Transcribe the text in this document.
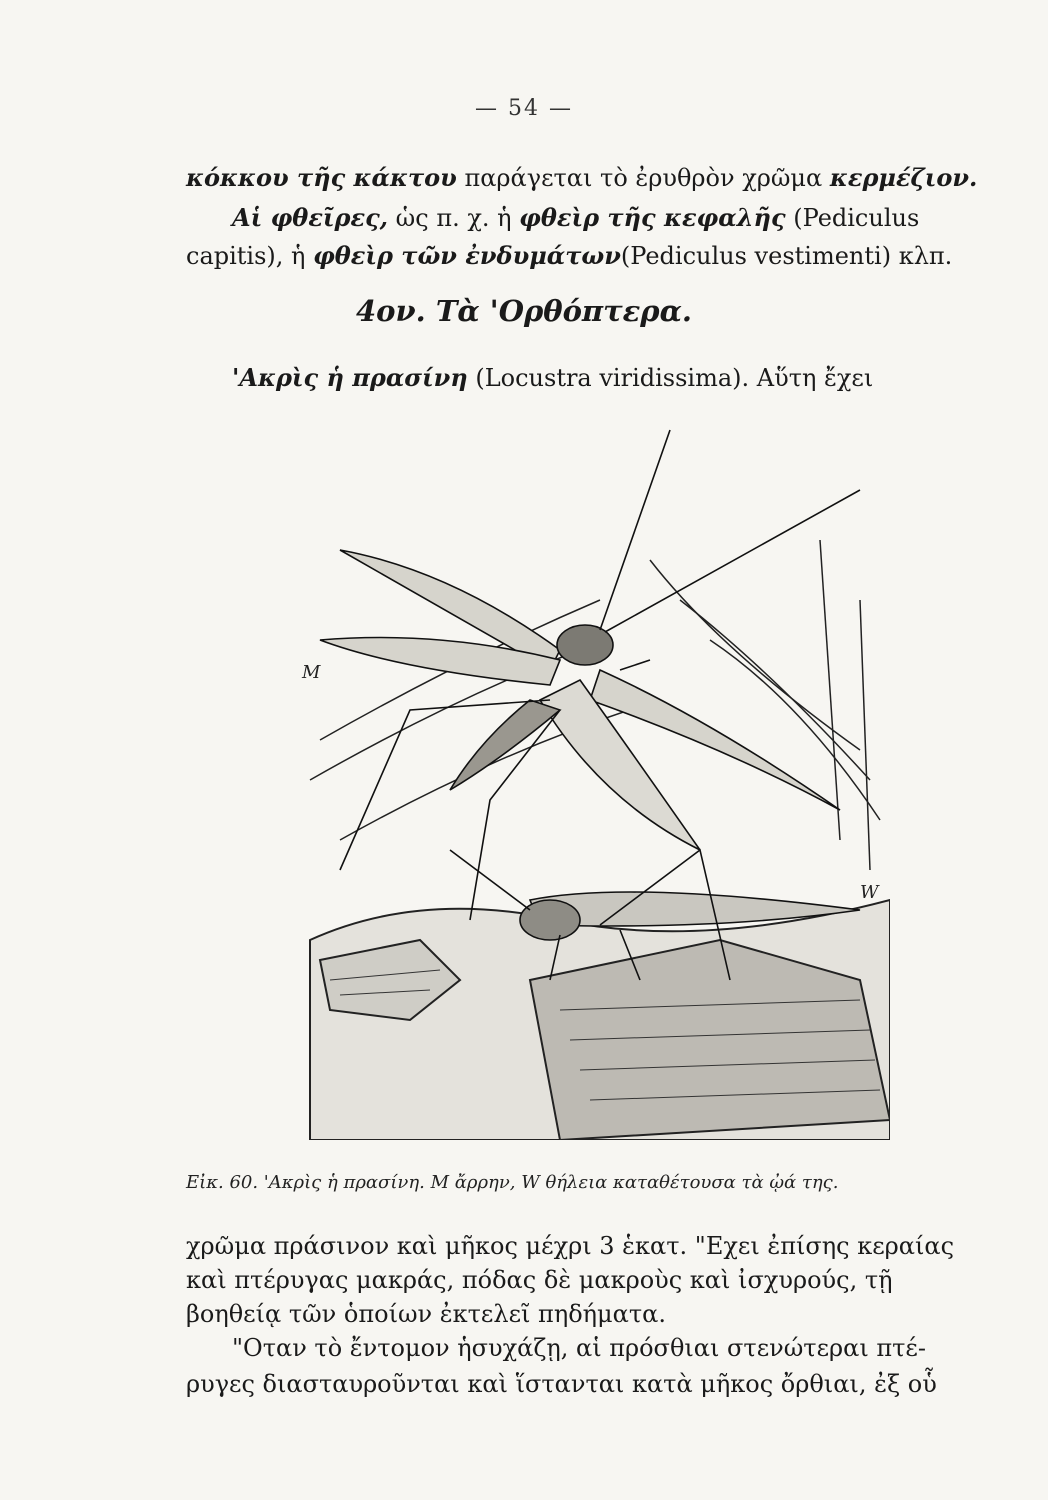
— 54 —
κόκκου τῆς κάκτου παράγεται τὸ ἐρυθρὸν χρῶμα κερμέζιον.
Αἱ φθεῖρες, ὡς π. χ. ἡ φθεὶρ τῆς κεφαλῆς (Pediculus
capitis), ἡ φθεὶρ τῶν ἐνδυμάτων(Pediculus vestimenti) κλπ.
4ον. Τὰ 'Ορθόπτερα.
'Ακρὶς ἡ πρασίνη (Locustra viridissima). Αὕτη ἔχει
M
W
Εἰκ. 60. 'Ακρὶς ἡ πρασίνη. M ἄρρην, W θήλεια καταθέτουσα τὰ ᾠά της.
χρῶμα πράσινον καὶ μῆκος μέχρι 3 ἑκατ. "Εχει ἐπίσης κεραίας
καὶ πτέρυγας μακράς, πόδας δὲ μακροὺς καὶ ἰσχυρούς, τῇ
βοηθείᾳ τῶν ὁποίων ἐκτελεῖ πηδήματα.
"Οταν τὸ ἔντομον ἡσυχάζῃ, αἱ πρόσθιαι στενώτεραι πτέ-
ρυγες διασταυροῦνται καὶ ἵστανται κατὰ μῆκος ὄρθιαι, ἐξ οὗ
